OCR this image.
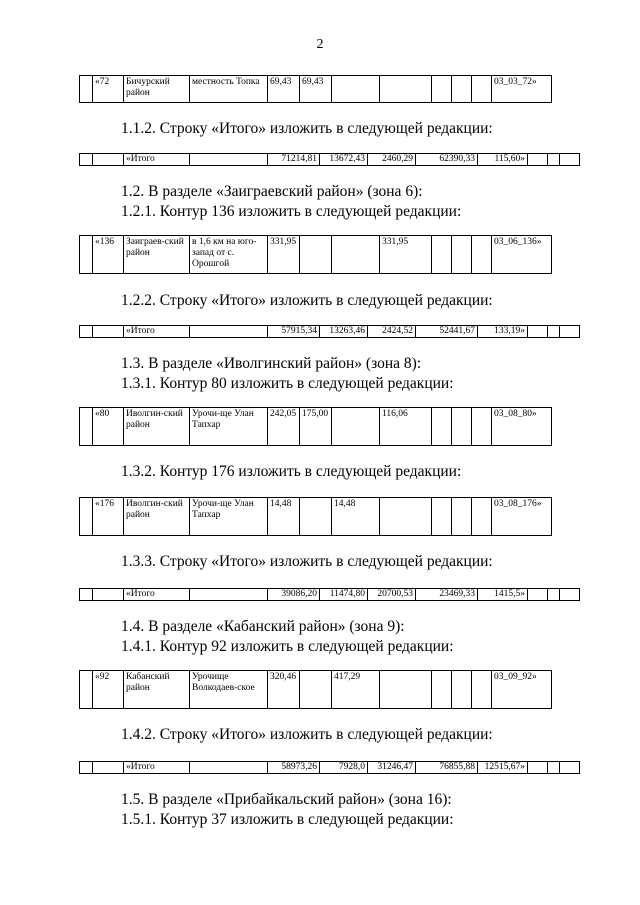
2
	«72	Бичурский район	местность Топка	69,43	69,43						03_03_72»
1.1.2. Строку «Итого» изложить в следующей редакции:
		«Итого		71214,81	13672,43	2460,29	62390,33	115,60»			
1.2. В разделе «Заиграевский район» (зона 6):
1.2.1. Контур 136 изложить в следующей редакции:
	«136	Заиграев-ский район	в 1,6 км на юго-запад от с. Орошгой	331,95			331,95				03_06_136»
1.2.2. Строку «Итого» изложить в следующей редакции:
		«Итого		57915,34	13263,46	2424,52	52441,67	133,19»			
1.3. В разделе «Иволгинский район» (зона 8):
1.3.1. Контур 80 изложить в следующей редакции:
	«80	Иволгин-ский район	Урочи-ще Улан Тапхар	242,05	175,00		116,06				03_08_80»
1.3.2. Контур 176 изложить в следующей редакции:
	«176	Иволгин-ский район	Урочи-ще Улан Тапхар	14,48		14,48					03_08_176»
1.3.3. Строку «Итого» изложить в следующей редакции:
		«Итого		39086,20	11474,80	20700,53	23469,33	1415,5»			
1.4. В разделе «Кабанский район» (зона 9):
1.4.1. Контур 92 изложить в следующей редакции:
	«92	Кабанский район	Урочище Волкодаев-ское	320,46		417,29					03_09_92»
1.4.2. Строку «Итого» изложить в следующей редакции:
		«Итого		58973,26	7928,0	31246,47	76855,88	12515,67»			
1.5. В разделе «Прибайкальский район» (зона 16):
1.5.1. Контур 37 изложить в следующей редакции:
